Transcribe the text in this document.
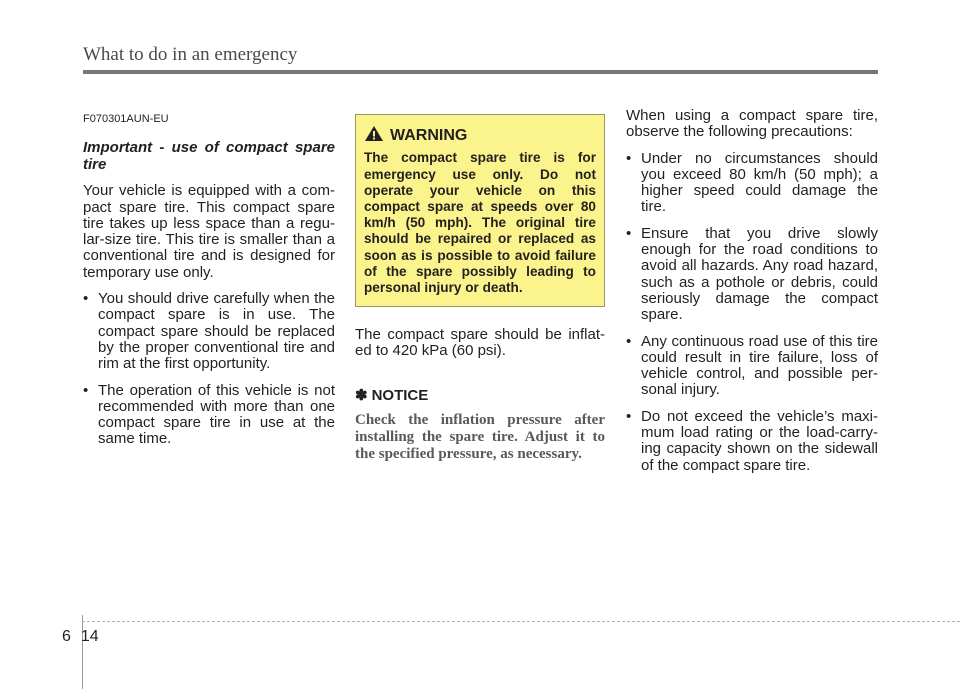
What to do in an emergency
F070301AUN-EU
Important - use of compact spare tire

Your vehicle is equipped with a com-pact spare tire. This compact spare tire takes up less space than a regu-lar-size tire. This tire is smaller than a conventional tire and is designed for temporary use only.

• You should drive carefully when the compact spare is in use. The compact spare should be replaced by the proper conventional tire and rim at the first opportunity.
• The operation of this vehicle is not recommended with more than one compact spare tire in use at the same time.
WARNING
The compact spare tire is for emergency use only. Do not operate your vehicle on this compact spare at speeds over 80 km/h (50 mph). The original tire should be repaired or replaced as soon as is possible to avoid failure of the spare possibly leading to personal injury or death.

The compact spare should be inflat-ed to 420 kPa (60 psi).

✽ NOTICE
Check the inflation pressure after installing the spare tire. Adjust it to the specified pressure, as necessary.

When using a compact spare tire, observe the following precautions:

• Under no circumstances should you exceed 80 km/h (50 mph); a higher speed could damage the tire.
• Ensure that you drive slowly enough for the road conditions to avoid all hazards. Any road hazard, such as a pothole or debris, could seriously damage the compact spare.
• Any continuous road use of this tire could result in tire failure, loss of vehicle control, and possible per-sonal injury.
• Do not exceed the vehicle’s maxi-mum load rating or the load-carry-ing capacity shown on the sidewall of the compact spare tire.
6 14
